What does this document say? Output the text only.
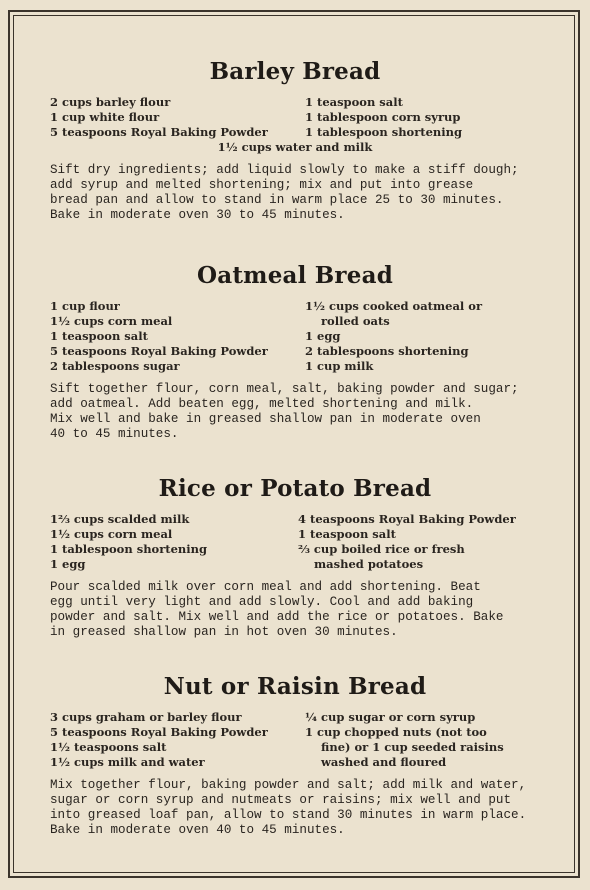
Barley Bread
2 cups barley flour
1 cup white flour
5 teaspoons Royal Baking Powder
1 teaspoon salt
1 tablespoon corn syrup
1 tablespoon shortening
1½ cups water and milk
Sift dry ingredients; add liquid slowly to make a stiff dough;
add syrup and melted shortening; mix and put into grease
bread pan and allow to stand in warm place 25 to 30 minutes.
Bake in moderate oven 30 to 45 minutes.
Oatmeal Bread
1 cup flour
1½ cups corn meal
1 teaspoon salt
5 teaspoons Royal Baking Powder
2 tablespoons sugar
1½ cups cooked oatmeal or
rolled oats
1 egg
2 tablespoons shortening
1 cup milk
Sift together flour, corn meal, salt, baking powder and sugar;
add oatmeal. Add beaten egg, melted shortening and milk.
Mix well and bake in greased shallow pan in moderate oven
40 to 45 minutes.
Rice or Potato Bread
1⅔ cups scalded milk
1½ cups corn meal
1 tablespoon shortening
1 egg
4 teaspoons Royal Baking Powder
1 teaspoon salt
⅔ cup boiled rice or fresh
mashed potatoes
Pour scalded milk over corn meal and add shortening. Beat
egg until very light and add slowly. Cool and add baking
powder and salt. Mix well and add the rice or potatoes. Bake
in greased shallow pan in hot oven 30 minutes.
Nut or Raisin Bread
3 cups graham or barley flour
5 teaspoons Royal Baking Powder
1½ teaspoons salt
1½ cups milk and water
¼ cup sugar or corn syrup
1 cup chopped nuts (not too
fine) or 1 cup seeded raisins
washed and floured
Mix together flour, baking powder and salt; add milk and water,
sugar or corn syrup and nutmeats or raisins; mix well and put
into greased loaf pan, allow to stand 30 minutes in warm place.
Bake in moderate oven 40 to 45 minutes.
